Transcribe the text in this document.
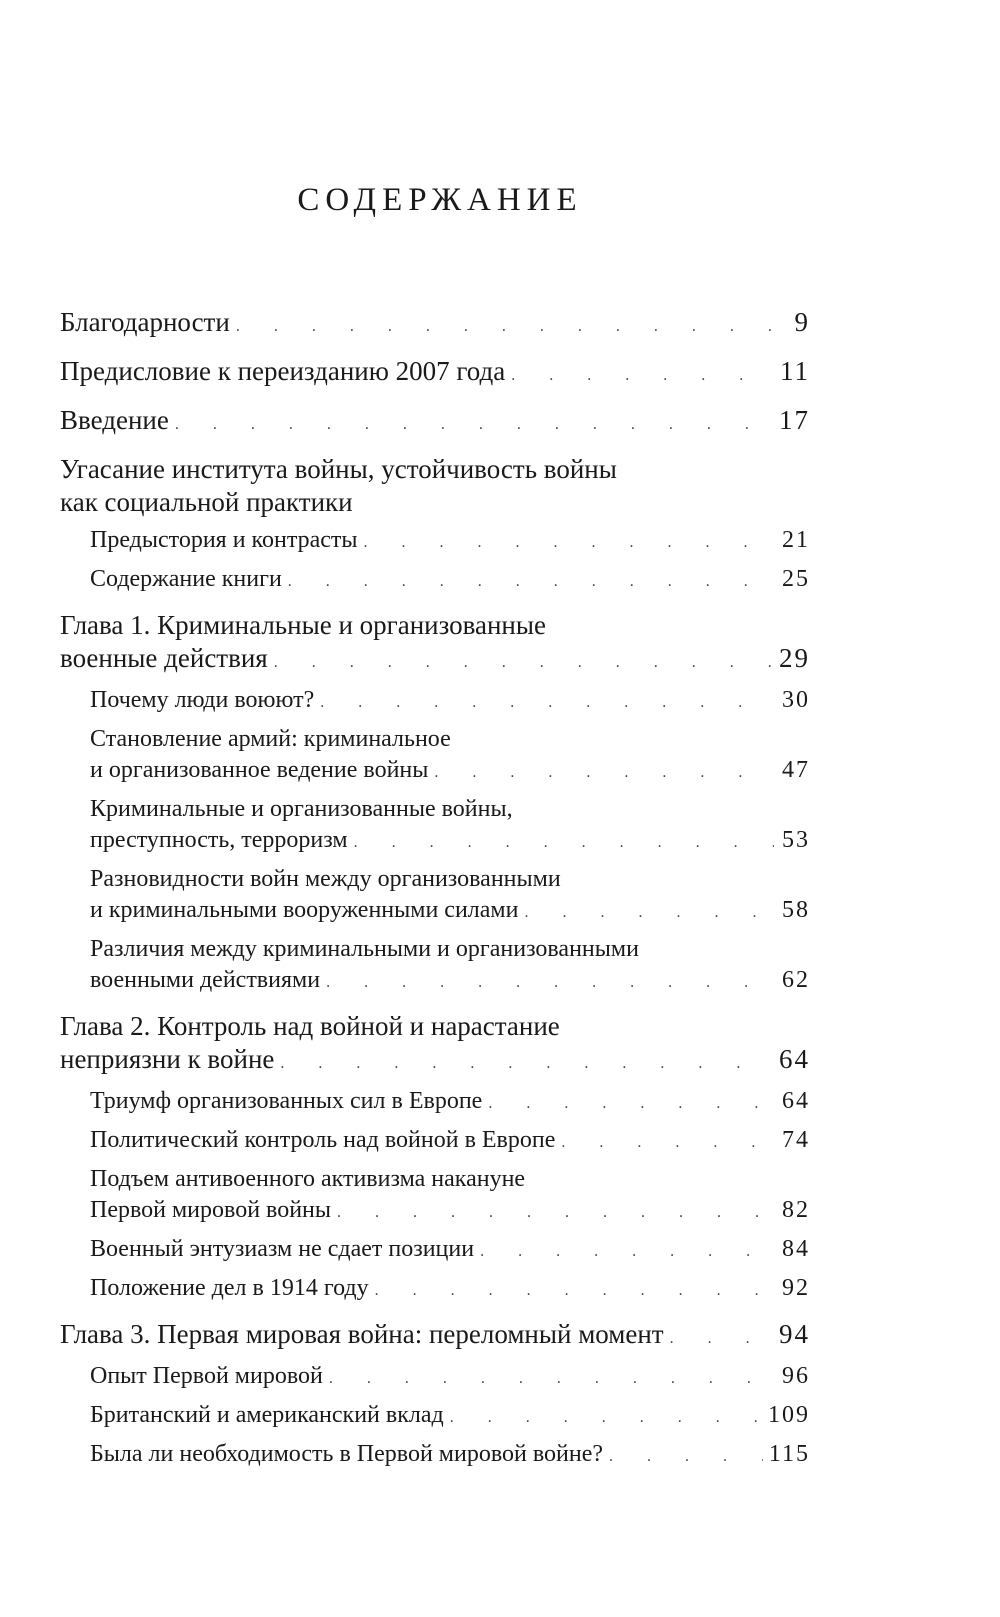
СОДЕРЖАНИЕ
Благодарности . . .	9
Предисловие к переизданию 2007 года . . .	11
Введение . . .	17
Угасание института войны, устойчивость войны
как социальной практики
Предыстория и контрасты . . .	21
Содержание книги . . .	25
Глава 1. Криминальные и организованные
военные действия . . .	29
Почему люди воюют? . . .	30
Становление армий: криминальное
и организованное ведение войны . . .	47
Криминальные и организованные войны,
преступность, терроризм . . .	53
Разновидности войн между организованными
и криминальными вооруженными силами . . .	58
Различия между криминальными и организованными
военными действиями . . .	62
Глава 2. Контроль над войной и нарастание
неприязни к войне . . .	64
Триумф организованных сил в Европе . . .	64
Политический контроль над войной в Европе . . .	74
Подъем антивоенного активизма накануне
Первой мировой войны . . .	82
Военный энтузиазм не сдает позиции . . .	84
Положение дел в 1914 году . . .	92
Глава 3. Первая мировая война: переломный момент . . .	94
Опыт Первой мировой . . .	96
Британский и американский вклад . . .	109
Была ли необходимость в Первой мировой войне? . . .	115
